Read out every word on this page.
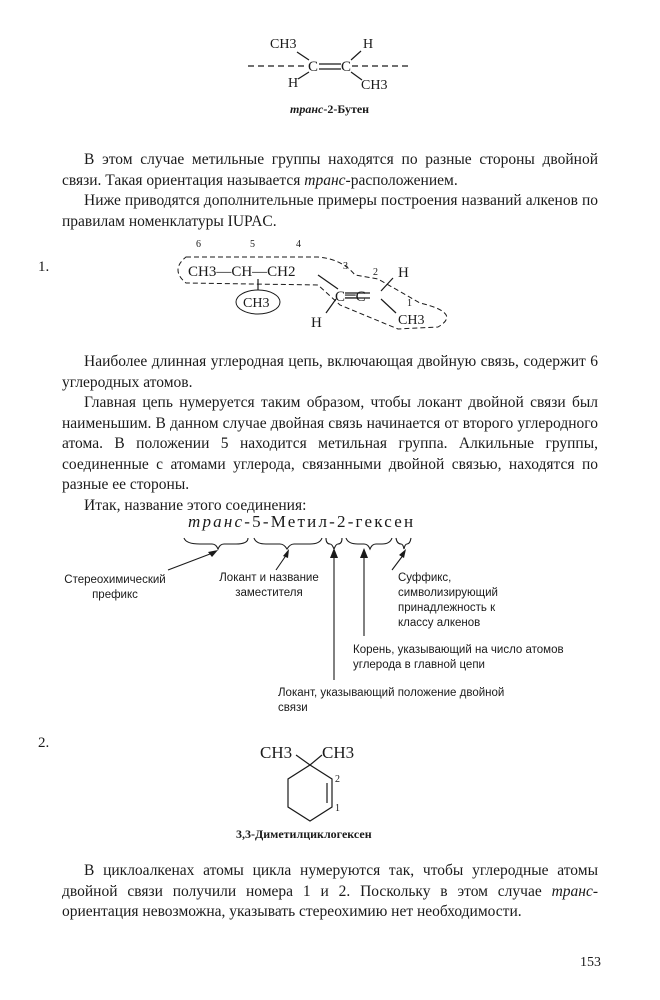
C C
CH3	H
H	CH3
транс-2-Бутен

В этом случае метильные группы находятся по разные стороны двойной связи. Такая ориентация называется транс-расположением.

Ниже приводятся дополнительные примеры построения названий алкенов по правилам номенклатуры IUPAC.

1.
6	5	4
3
2
1
CH3—CH—CH2
CH3	C═C
H
H	CH3

Наиболее длинная углеродная цепь, включающая двойную связь, содержит 6 углеродных атомов.

Главная цепь нумеруется таким образом, чтобы локант двойной связи был наименьшим. В данном случае двойная связь начинается от второго углеродного атома. В положении 5 находится метильная группа. Алкильные группы, соединенные с атомами углерода, связанными двойной связью, находятся по разные ее стороны.

Итак, название этого соединения:

транс-5-Метил-2-гексен
Стереохимический префикс
Локант и название заместителя
Суффикс, символизирующий принадлежность к классу алкенов
Корень, указывающий на число атомов углерода в главной цепи
Локант, указывающий положение двойной связи
2.	CH3 CH3
2
1
3,3-Диметилциклогексен

В циклоалкенах атомы цикла нумеруются так, чтобы углеродные атомы двойной связи получили номера 1 и 2. Поскольку в этом случае транс-ориентация невозможна, указывать стереохимию нет необходимости.

153
